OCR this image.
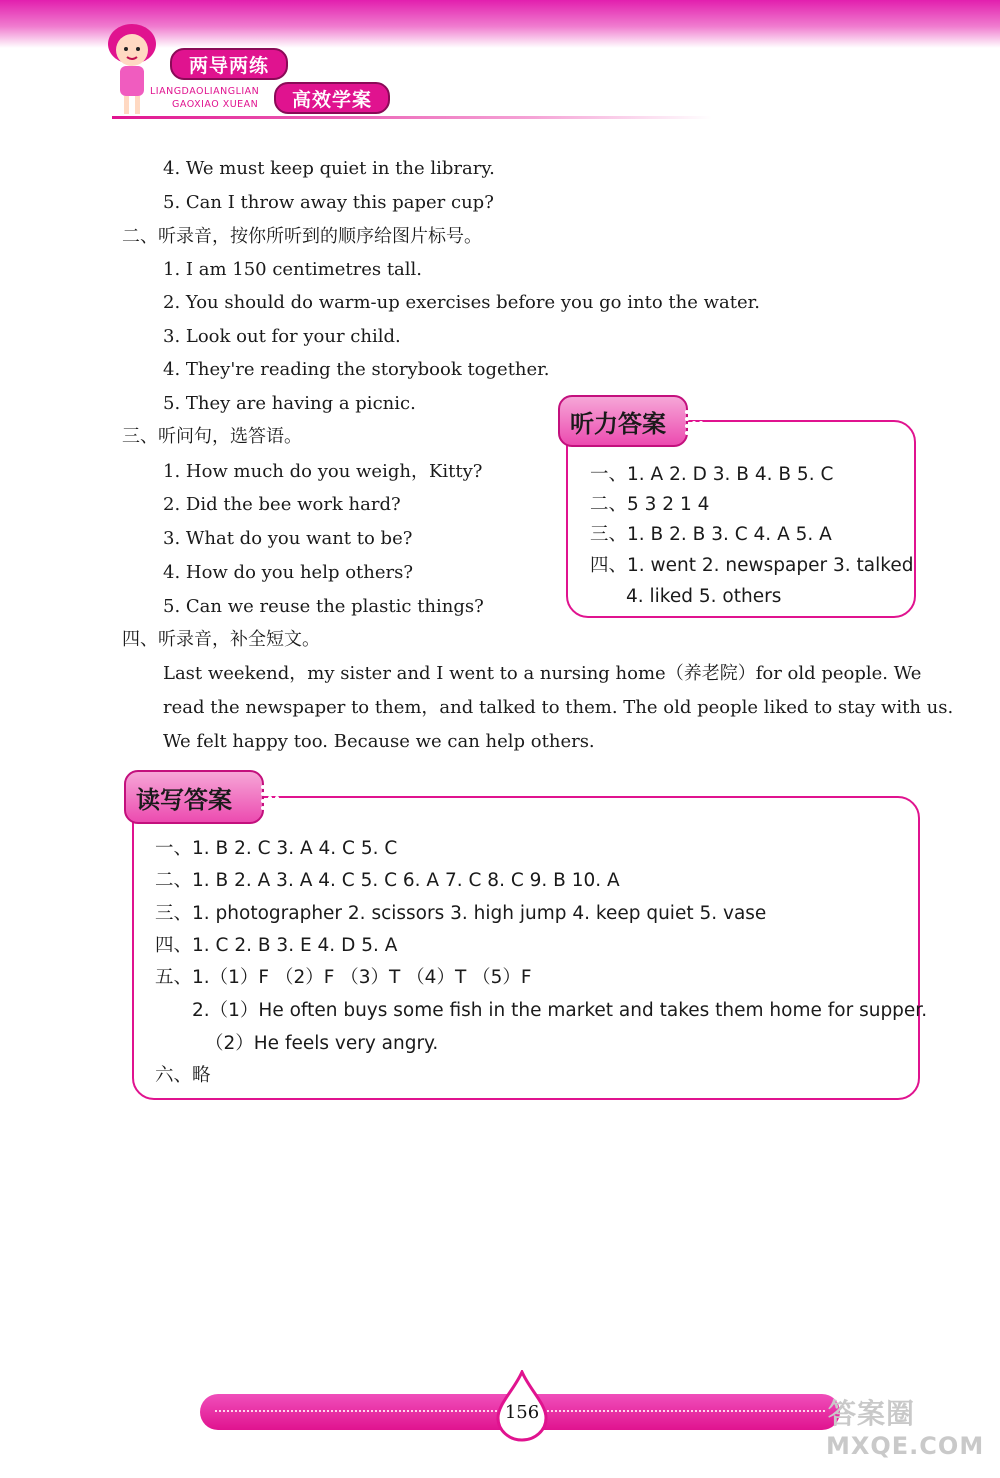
两导两练
高效学案
LIANGDAOLIANGLIAN
GAOXIAO XUEAN
4. We must keep quiet in the library.
5. Can I throw away this paper cup?
二、听录音，按你所听到的顺序给图片标号。
1. I am 150 centimetres tall.
2. You should do warm-up exercises before you go into the water.
3. Look out for your child.
4. They're reading the storybook together.
5. They are having a picnic.
三、听问句，选答语。
1. How much do you weigh，Kitty?
2. Did the bee work hard?
3. What do you want to be?
4. How do you help others?
5. Can we reuse the plastic things?
四、听录音，补全短文。
Last weekend，my sister and I went to a nursing home（养老院）for old people. We
read the newspaper to them，and talked to them. The old people liked to stay with us.
We felt happy too. Because we can help others.
听力答案
一、1. A 2. D 3. B 4. B 5. C
二、5 3 2 1 4
三、1. B 2. B 3. C 4. A 5. A
四、1. went 2. newspaper 3. talked
4. liked 5. others
读写答案
一、1. B 2. C 3. A 4. C 5. C
二、1. B 2. A 3. A 4. C 5. C 6. A 7. C 8. C 9. B 10. A
三、1. photographer 2. scissors 3. high jump 4. keep quiet 5. vase
四、1. C 2. B 3. E 4. D 5. A
五、1.（1）F （2）F （3）T （4）T （5）F
2.（1）He often buys some fish in the market and takes them home for supper.
（2）He feels very angry.
六、略
156	答案圈
MXQE.COM
